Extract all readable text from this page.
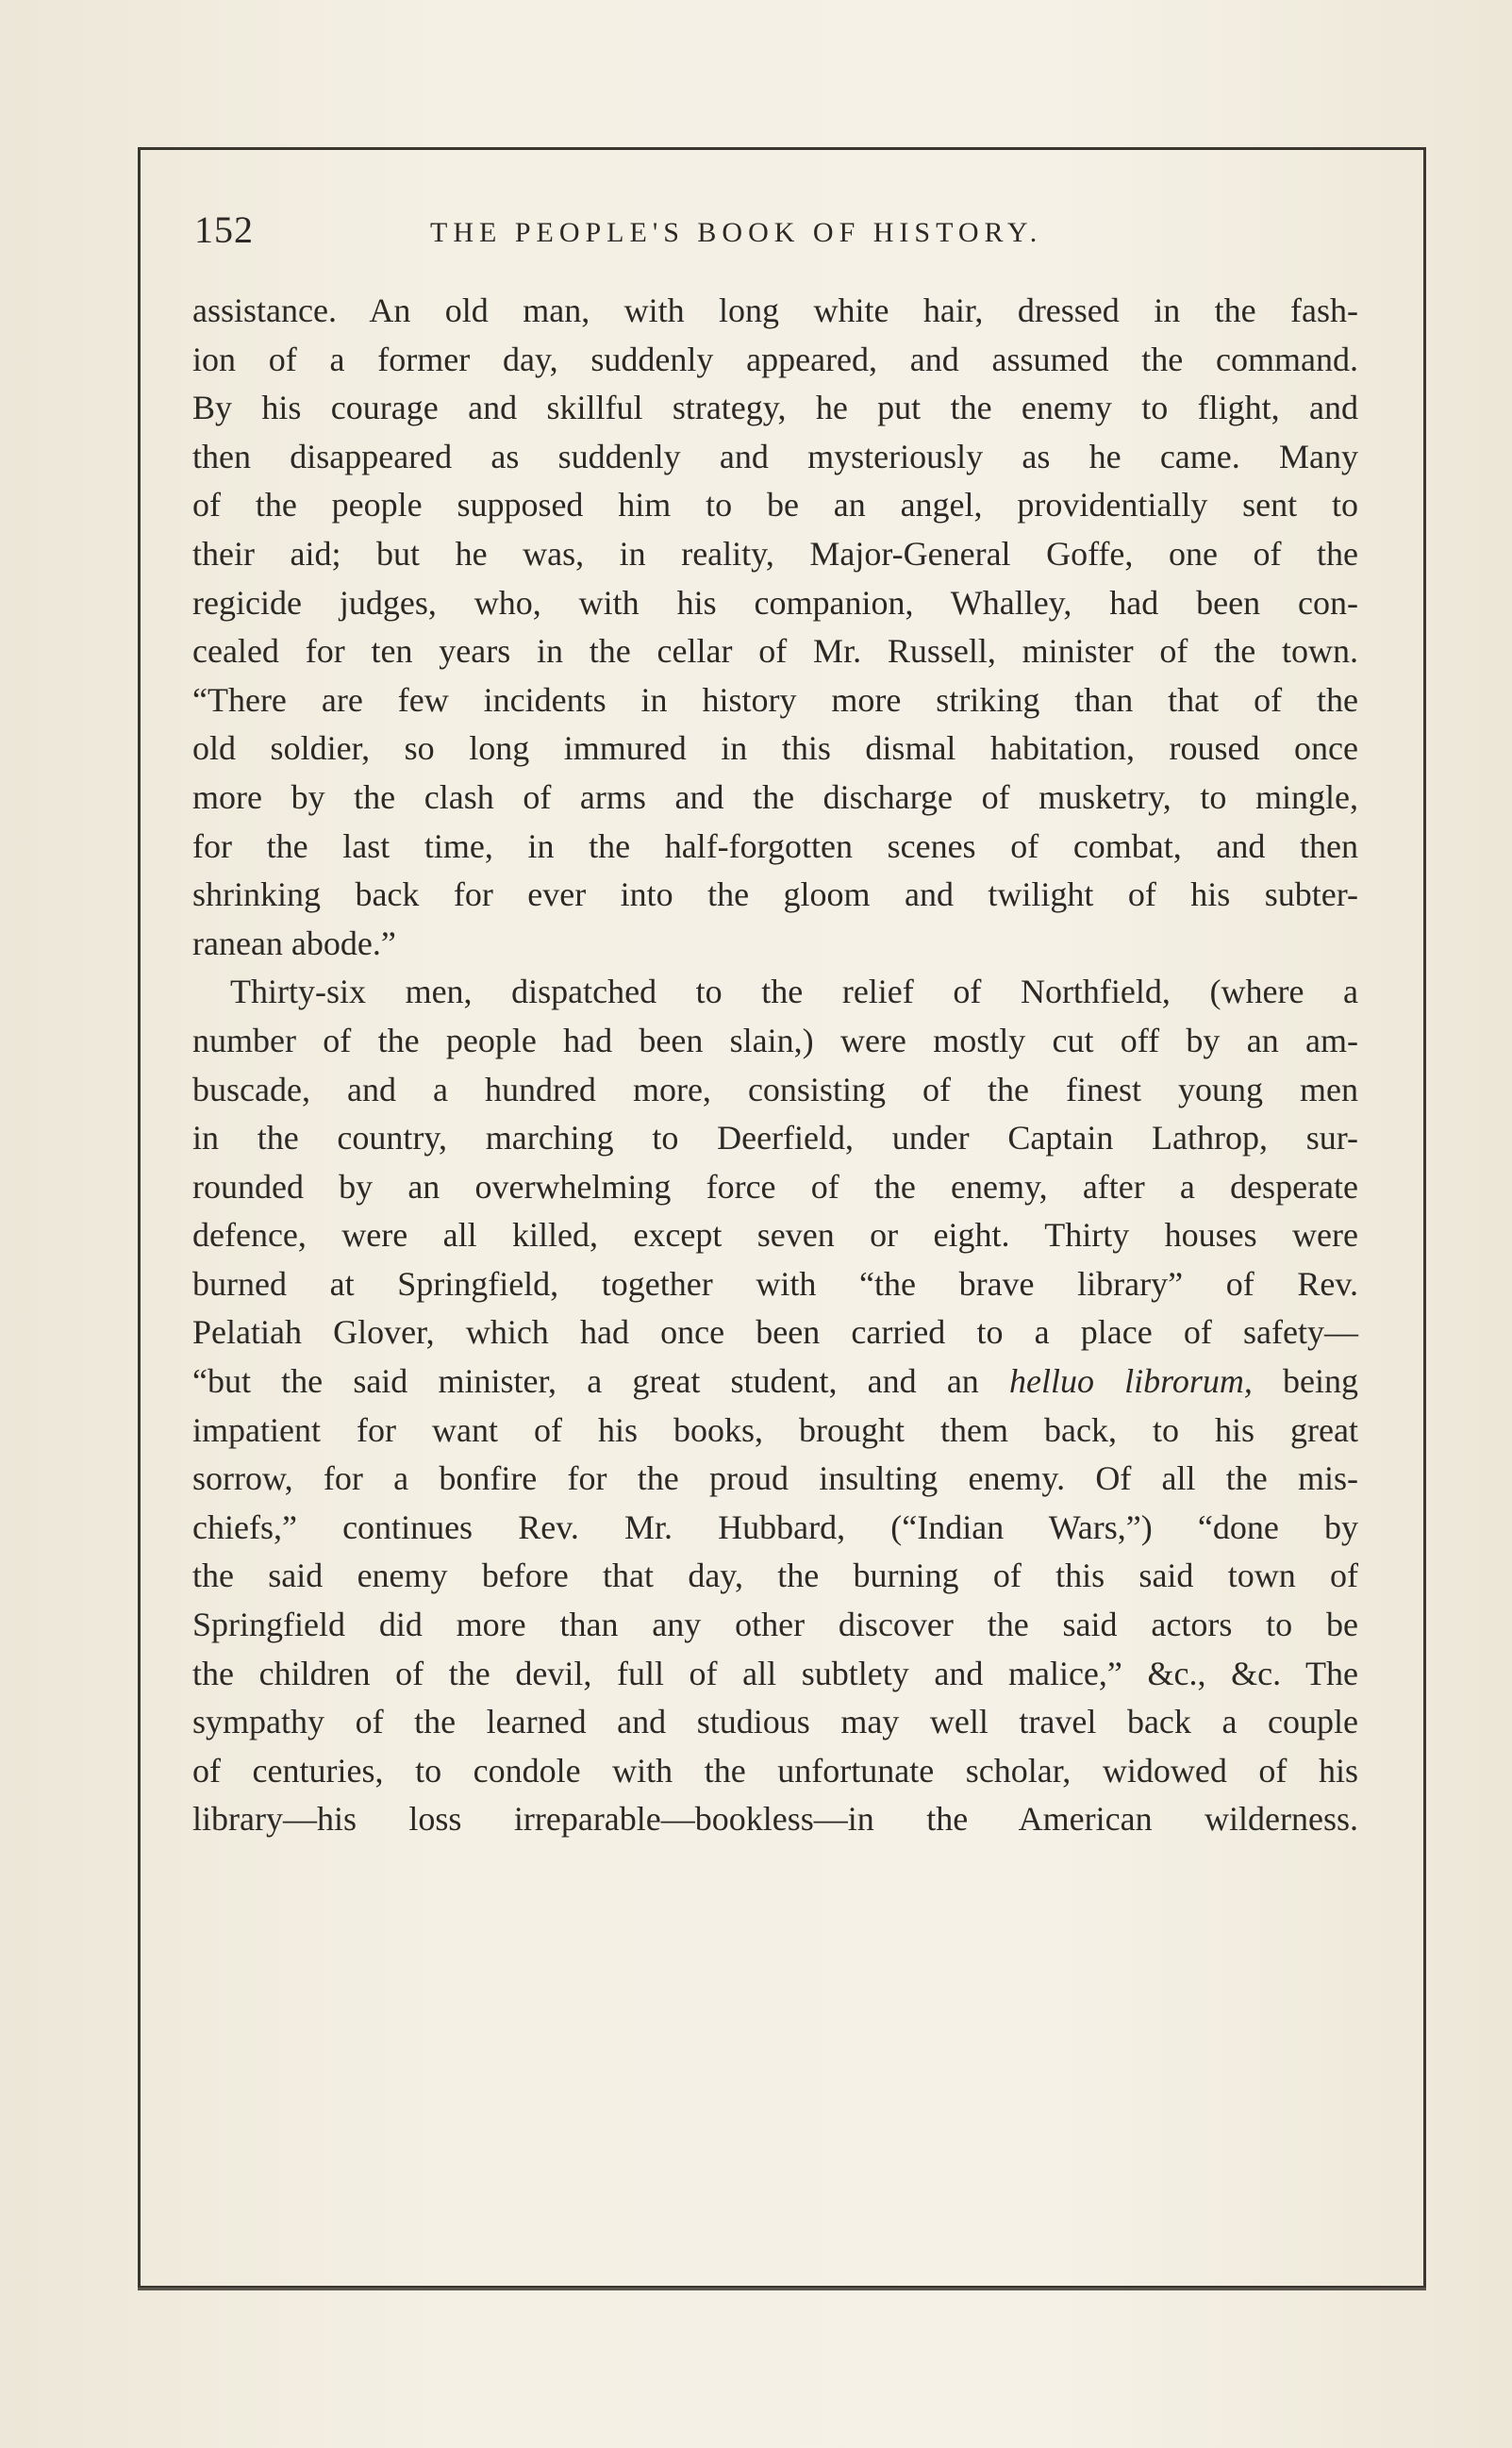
152	THE PEOPLE'S BOOK OF HISTORY.
assistance. An old man, with long white hair, dressed in the fash-
ion of a former day, suddenly appeared, and assumed the command.
By his courage and skillful strategy, he put the enemy to flight, and
then disappeared as suddenly and mysteriously as he came. Many
of the people supposed him to be an angel, providentially sent to
their aid; but he was, in reality, Major-General Goffe, one of the
regicide judges, who, with his companion, Whalley, had been con-
cealed for ten years in the cellar of Mr. Russell, minister of the town.
“There are few incidents in history more striking than that of the
old soldier, so long immured in this dismal habitation, roused once
more by the clash of arms and the discharge of musketry, to mingle,
for the last time, in the half-forgotten scenes of combat, and then
shrinking back for ever into the gloom and twilight of his subter-
ranean abode.”
Thirty-six men, dispatched to the relief of Northfield, (where a
number of the people had been slain,) were mostly cut off by an am-
buscade, and a hundred more, consisting of the finest young men
in the country, marching to Deerfield, under Captain Lathrop, sur-
rounded by an overwhelming force of the enemy, after a desperate
defence, were all killed, except seven or eight. Thirty houses were
burned at Springfield, together with “the brave library” of Rev.
Pelatiah Glover, which had once been carried to a place of safety—
“but the said minister, a great student, and an helluo librorum, being
impatient for want of his books, brought them back, to his great
sorrow, for a bonfire for the proud insulting enemy. Of all the mis-
chiefs,” continues Rev. Mr. Hubbard, (“Indian Wars,”) “done by
the said enemy before that day, the burning of this said town of
Springfield did more than any other discover the said actors to be
the children of the devil, full of all subtlety and malice,” &c., &c. The
sympathy of the learned and studious may well travel back a couple
of centuries, to condole with the unfortunate scholar, widowed of his
library—his loss irreparable—bookless—in the American wilderness.
